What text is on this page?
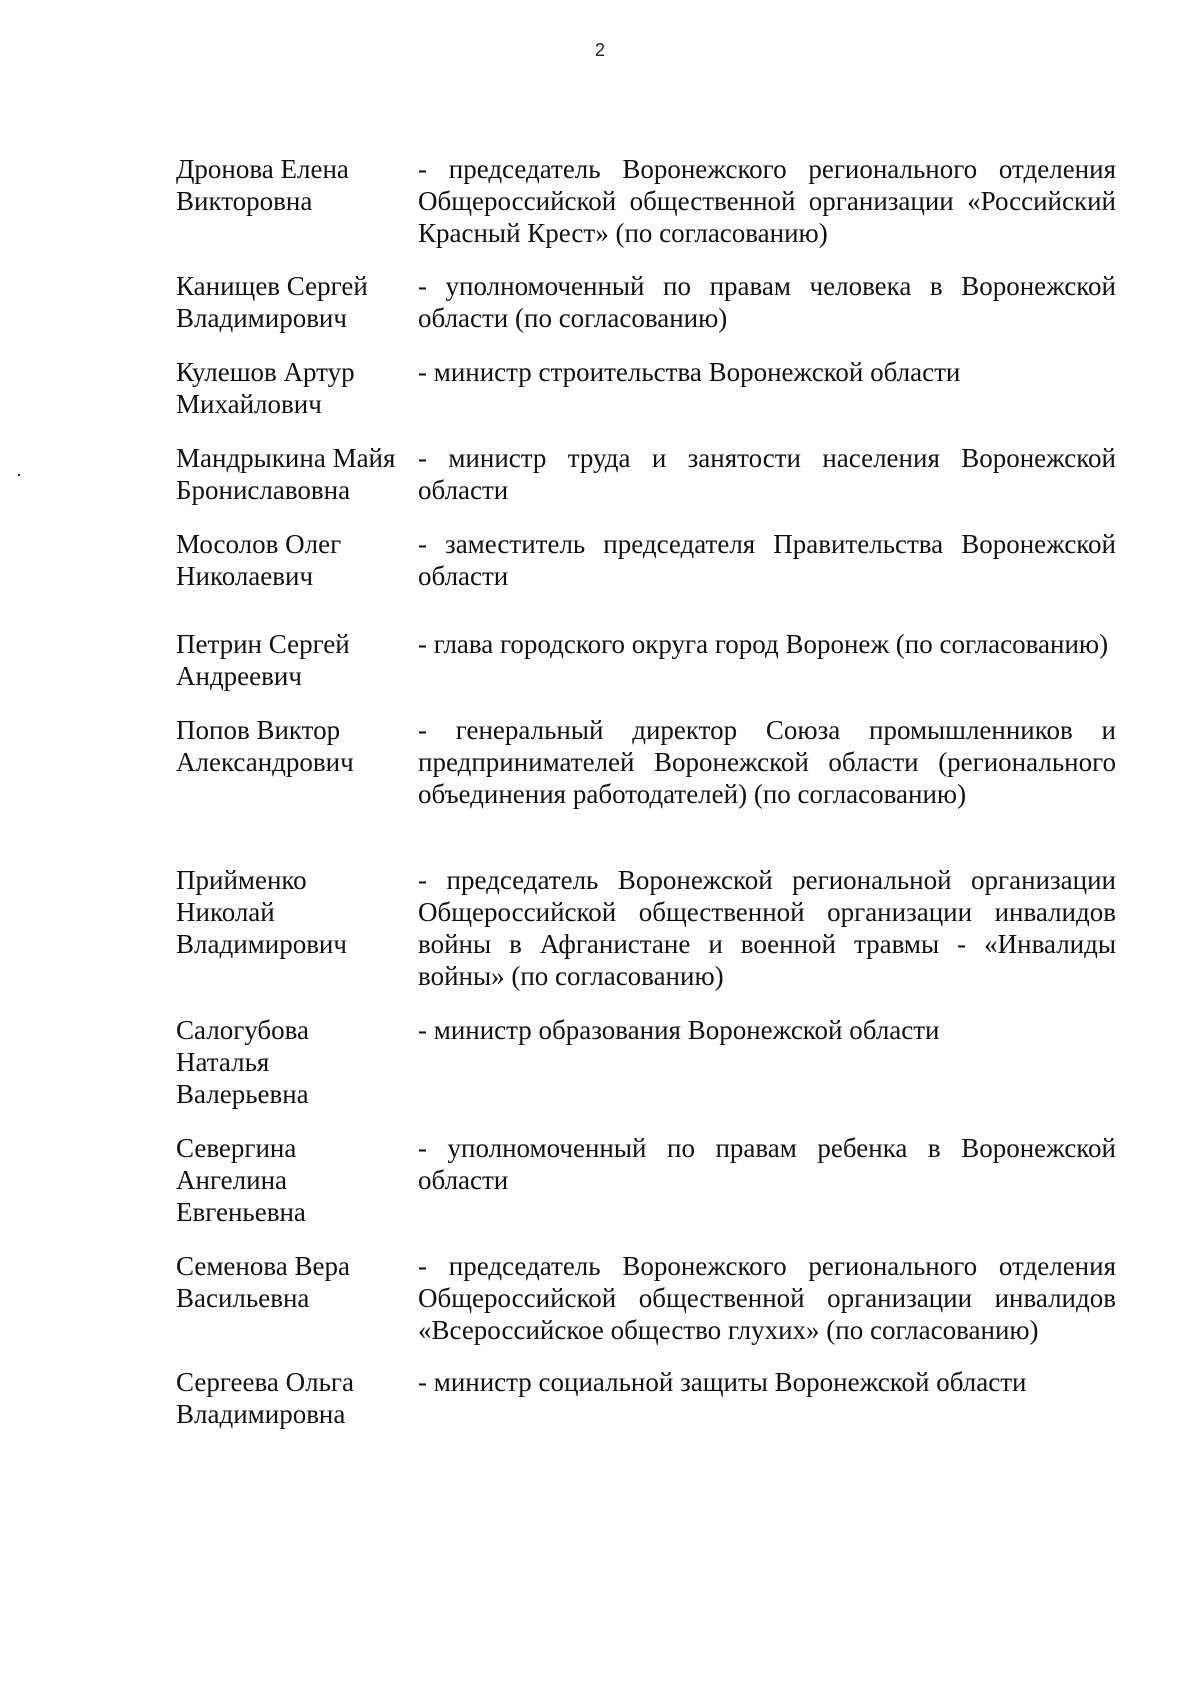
2
Дронова Елена
Викторовна
- председатель Воронежского регионального отделения Общероссийской общественной организации «Российский Красный Крест» (по согласованию)
Канищев Сергей
Владимирович
- уполномоченный по правам человека в Воронежской области (по согласованию)
Кулешов Артур
Михайлович
- министр строительства Воронежской области
Мандрыкина Майя
Брониславовна
- министр труда и занятости населения Воронежской области
Мосолов Олег
Николаевич
- заместитель председателя Правительства Воронежской области
Петрин Сергей
Андреевич
- глава городского округа город Воронеж (по согласованию)
Попов Виктор
Александрович
- генеральный директор Союза промышленников и предпринимателей Воронежской области (регионального объединения работодателей) (по согласованию)
Прийменко
Николай
Владимирович
- председатель Воронежской региональной организации Общероссийской общественной организации инвалидов войны в Афганистане и военной травмы - «Инвалиды войны» (по согласованию)
Салогубова
Наталья
Валерьевна
- министр образования Воронежской области
Севергина
Ангелина
Евгеньевна
- уполномоченный по правам ребенка в Воронежской области
Семенова Вера
Васильевна
- председатель Воронежского регионального отделения Общероссийской общественной организации инвалидов «Всероссийское общество глухих» (по согласованию)
Сергеева Ольга
Владимировна
- министр социальной защиты Воронежской области
